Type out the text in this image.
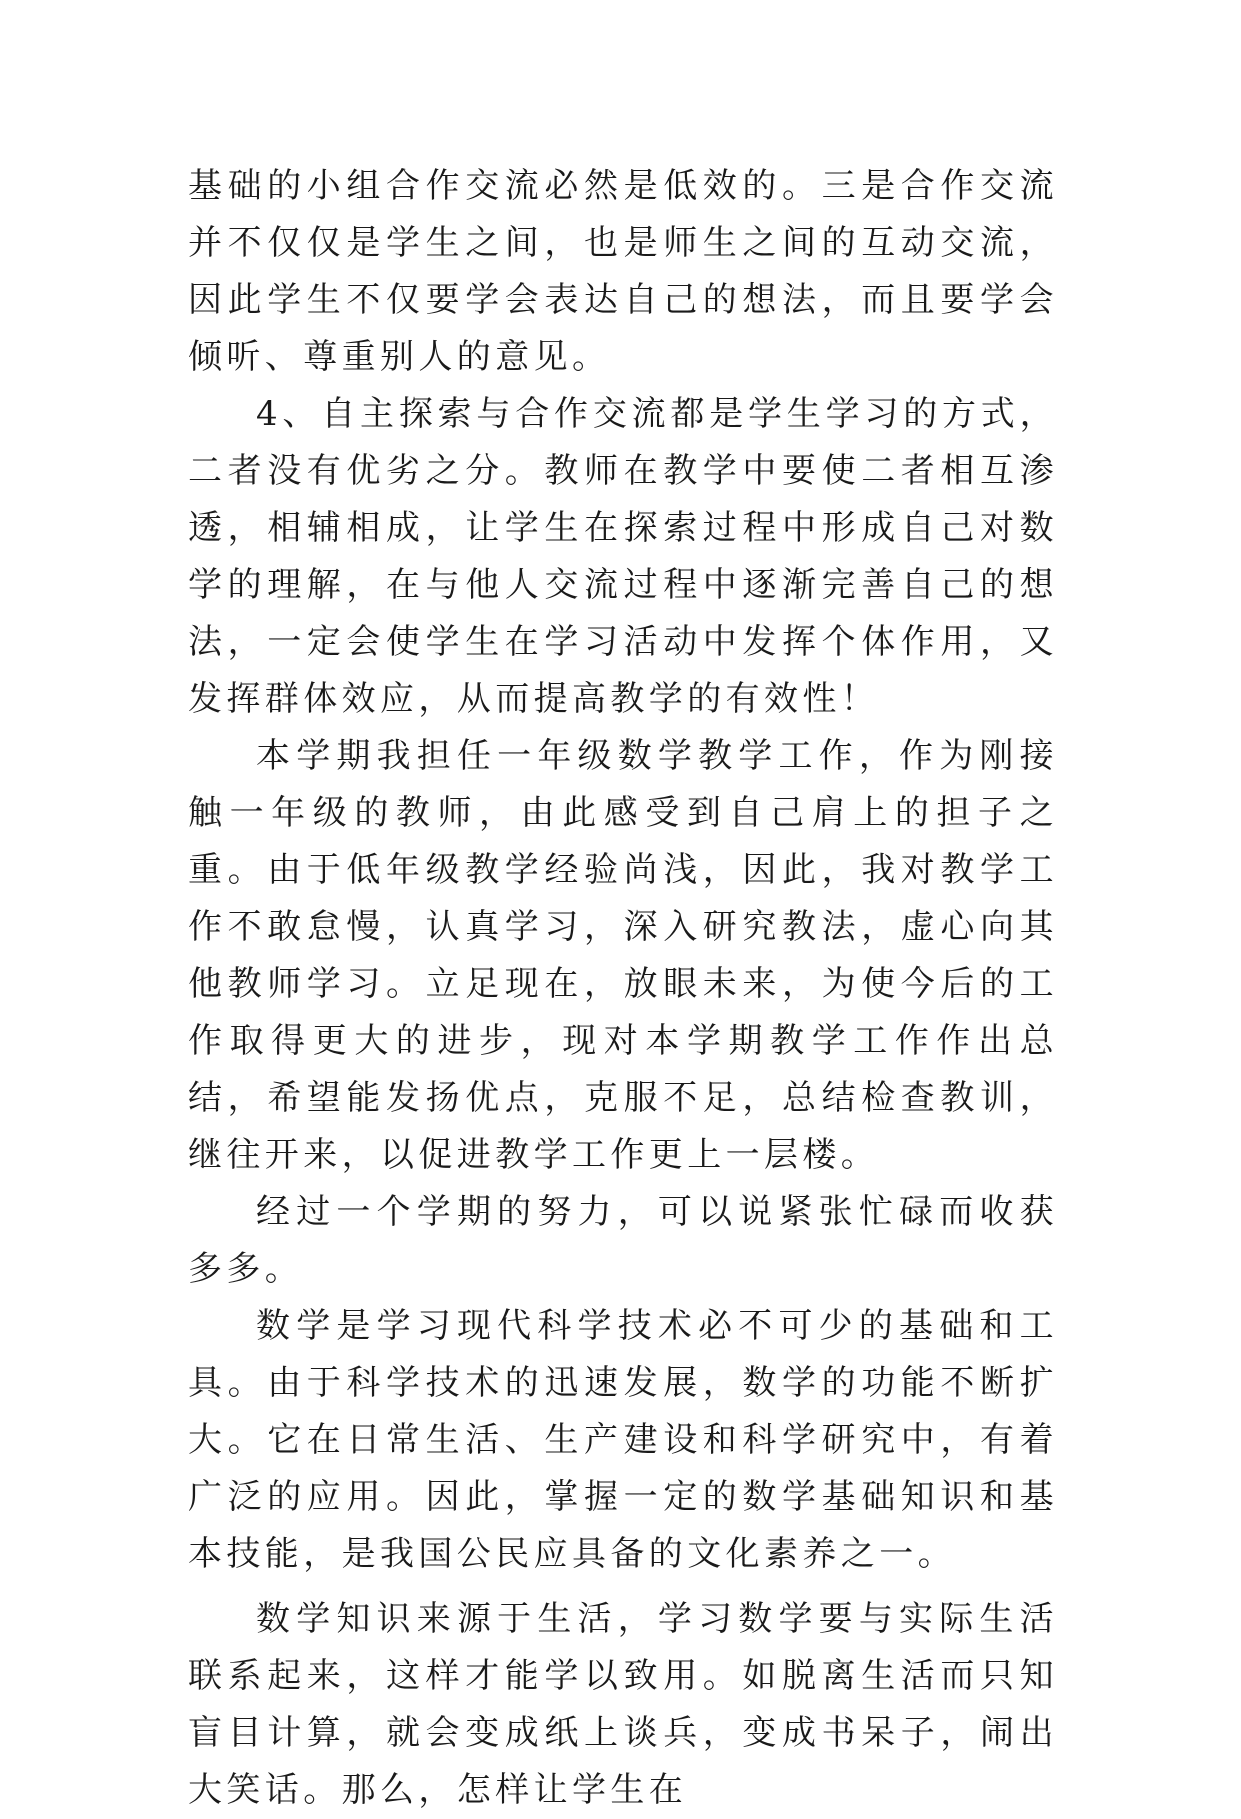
基础的小组合作交流必然是低效的。三是合作交流并不仅仅是学生之间，也是师生之间的互动交流，因此学生不仅要学会表达自己的想法，而且要学会倾听、尊重别人的意见。

4、自主探索与合作交流都是学生学习的方式，二者没有优劣之分。教师在教学中要使二者相互渗透，相辅相成，让学生在探索过程中形成自己对数学的理解，在与他人交流过程中逐渐完善自己的想法，一定会使学生在学习活动中发挥个体作用，又发挥群体效应，从而提高教学的有效性！

本学期我担任一年级数学教学工作，作为刚接触一年级的教师，由此感受到自己肩上的担子之重。由于低年级教学经验尚浅，因此，我对教学工作不敢怠慢，认真学习，深入研究教法，虚心向其他教师学习。立足现在，放眼未来，为使今后的工作取得更大的进步，现对本学期教学工作作出总结，希望能发扬优点，克服不足，总结检查教训，继往开来，以促进教学工作更上一层楼。

经过一个学期的努力，可以说紧张忙碌而收获多多。

数学是学习现代科学技术必不可少的基础和工具。由于科学技术的迅速发展，数学的功能不断扩大。它在日常生活、生产建设和科学研究中，有着广泛的应用。因此，掌握一定的数学基础知识和基本技能，是我国公民应具备的文化素养之一。

数学知识来源于生活，学习数学要与实际生活联系起来，这样才能学以致用。如脱离生活而只知盲目计算，就会变成纸上谈兵，变成书呆子，闹出大笑话。那么，怎样让学生在
